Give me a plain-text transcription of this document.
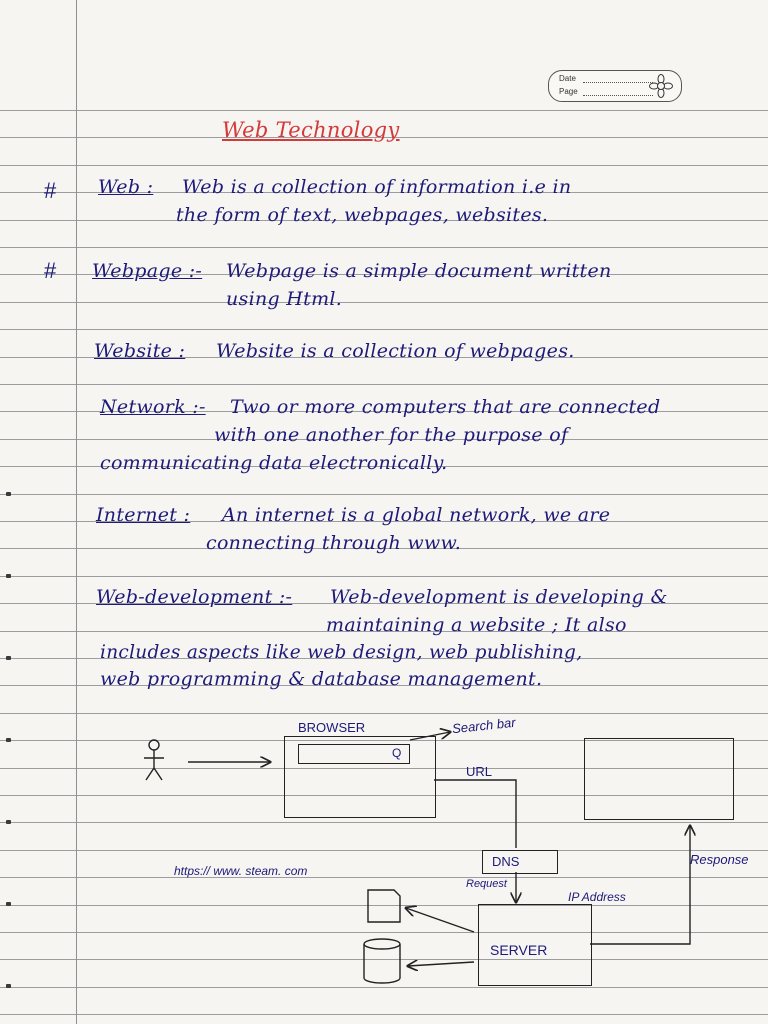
Date
Page
Web Technology
# Web : Web is a collection of information i.e in
the form of text, webpages, websites.
# Webpage :- Webpage is a simple document written
using Html.
Website : Website is a collection of webpages.
Network :- Two or more computers that are connected
with one another for the purpose of
communicating data electronically.
Internet : An internet is a global network, we are
connecting through www.
Web-development :- Web-development is developing &
maintaining a website ; It also
includes aspects like web design, web publishing,
web programming & database management.
BROWSER
Q
Search bar
URL
DNS	Response
https:// www. steam. com
Request
IP Address
SERVER
